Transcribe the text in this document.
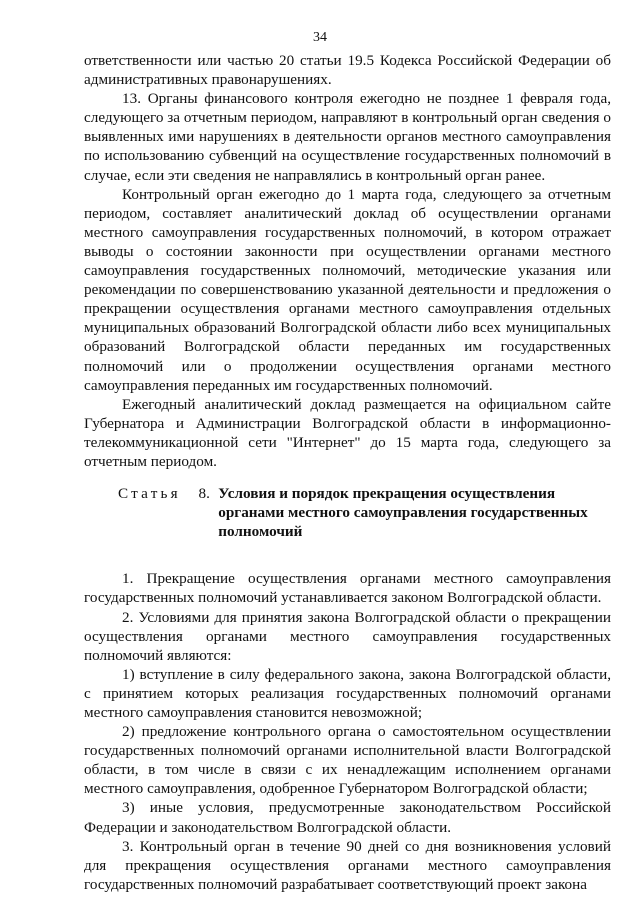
34

ответственности или частью 20 статьи 19.5 Кодекса Российской Федерации об административных правонарушениях.

13. Органы финансового контроля ежегодно не позднее 1 февраля года, следующего за отчетным периодом, направляют в контрольный орган сведения о выявленных ими нарушениях в деятельности органов местного самоуправления по использованию субвенций на осуществление государственных полномочий в случае, если эти сведения не направлялись в контрольный орган ранее.

Контрольный орган ежегодно до 1 марта года, следующего за отчетным периодом, составляет аналитический доклад об осуществлении органами местного самоуправления государственных полномочий, в котором отражает выводы о состоянии законности при осуществлении органами местного самоуправления государственных полномочий, методические указания или рекомендации по совершенствованию указанной деятельности и предложения о прекращении осуществления органами местного самоуправления отдельных муниципальных образований Волгоградской области либо всех муниципальных образований Волгоградской области переданных им государственных полномочий или о продолжении осуществления органами местного самоуправления переданных им государственных полномочий.

Ежегодный аналитический доклад размещается на официальном сайте Губернатора и Администрации Волгоградской области в информационно-телекоммуникационной сети "Интернет" до 15 марта года, следующего за отчетным периодом.

Статья	8. Условия и порядок прекращения осуществления органами местного самоуправления государственных полномочий

1. Прекращение осуществления органами местного самоуправления государственных полномочий устанавливается законом Волгоградской области.

2. Условиями для принятия закона Волгоградской области о прекращении осуществления органами местного самоуправления государственных полномочий являются:

1) вступление в силу федерального закона, закона Волгоградской области, с принятием которых реализация государственных полномочий органами местного самоуправления становится невозможной;

2) предложение контрольного органа о самостоятельном осуществлении государственных полномочий органами исполнительной власти Волгоградской области, в том числе в связи с их ненадлежащим исполнением органами местного самоуправления, одобренное Губернатором Волгоградской области;

3) иные условия, предусмотренные законодательством Российской Федерации и законодательством Волгоградской области.

3. Контрольный орган в течение 90 дней со дня возникновения условий для прекращения осуществления органами местного самоуправления государственных полномочий разрабатывает соответствующий проект закона
